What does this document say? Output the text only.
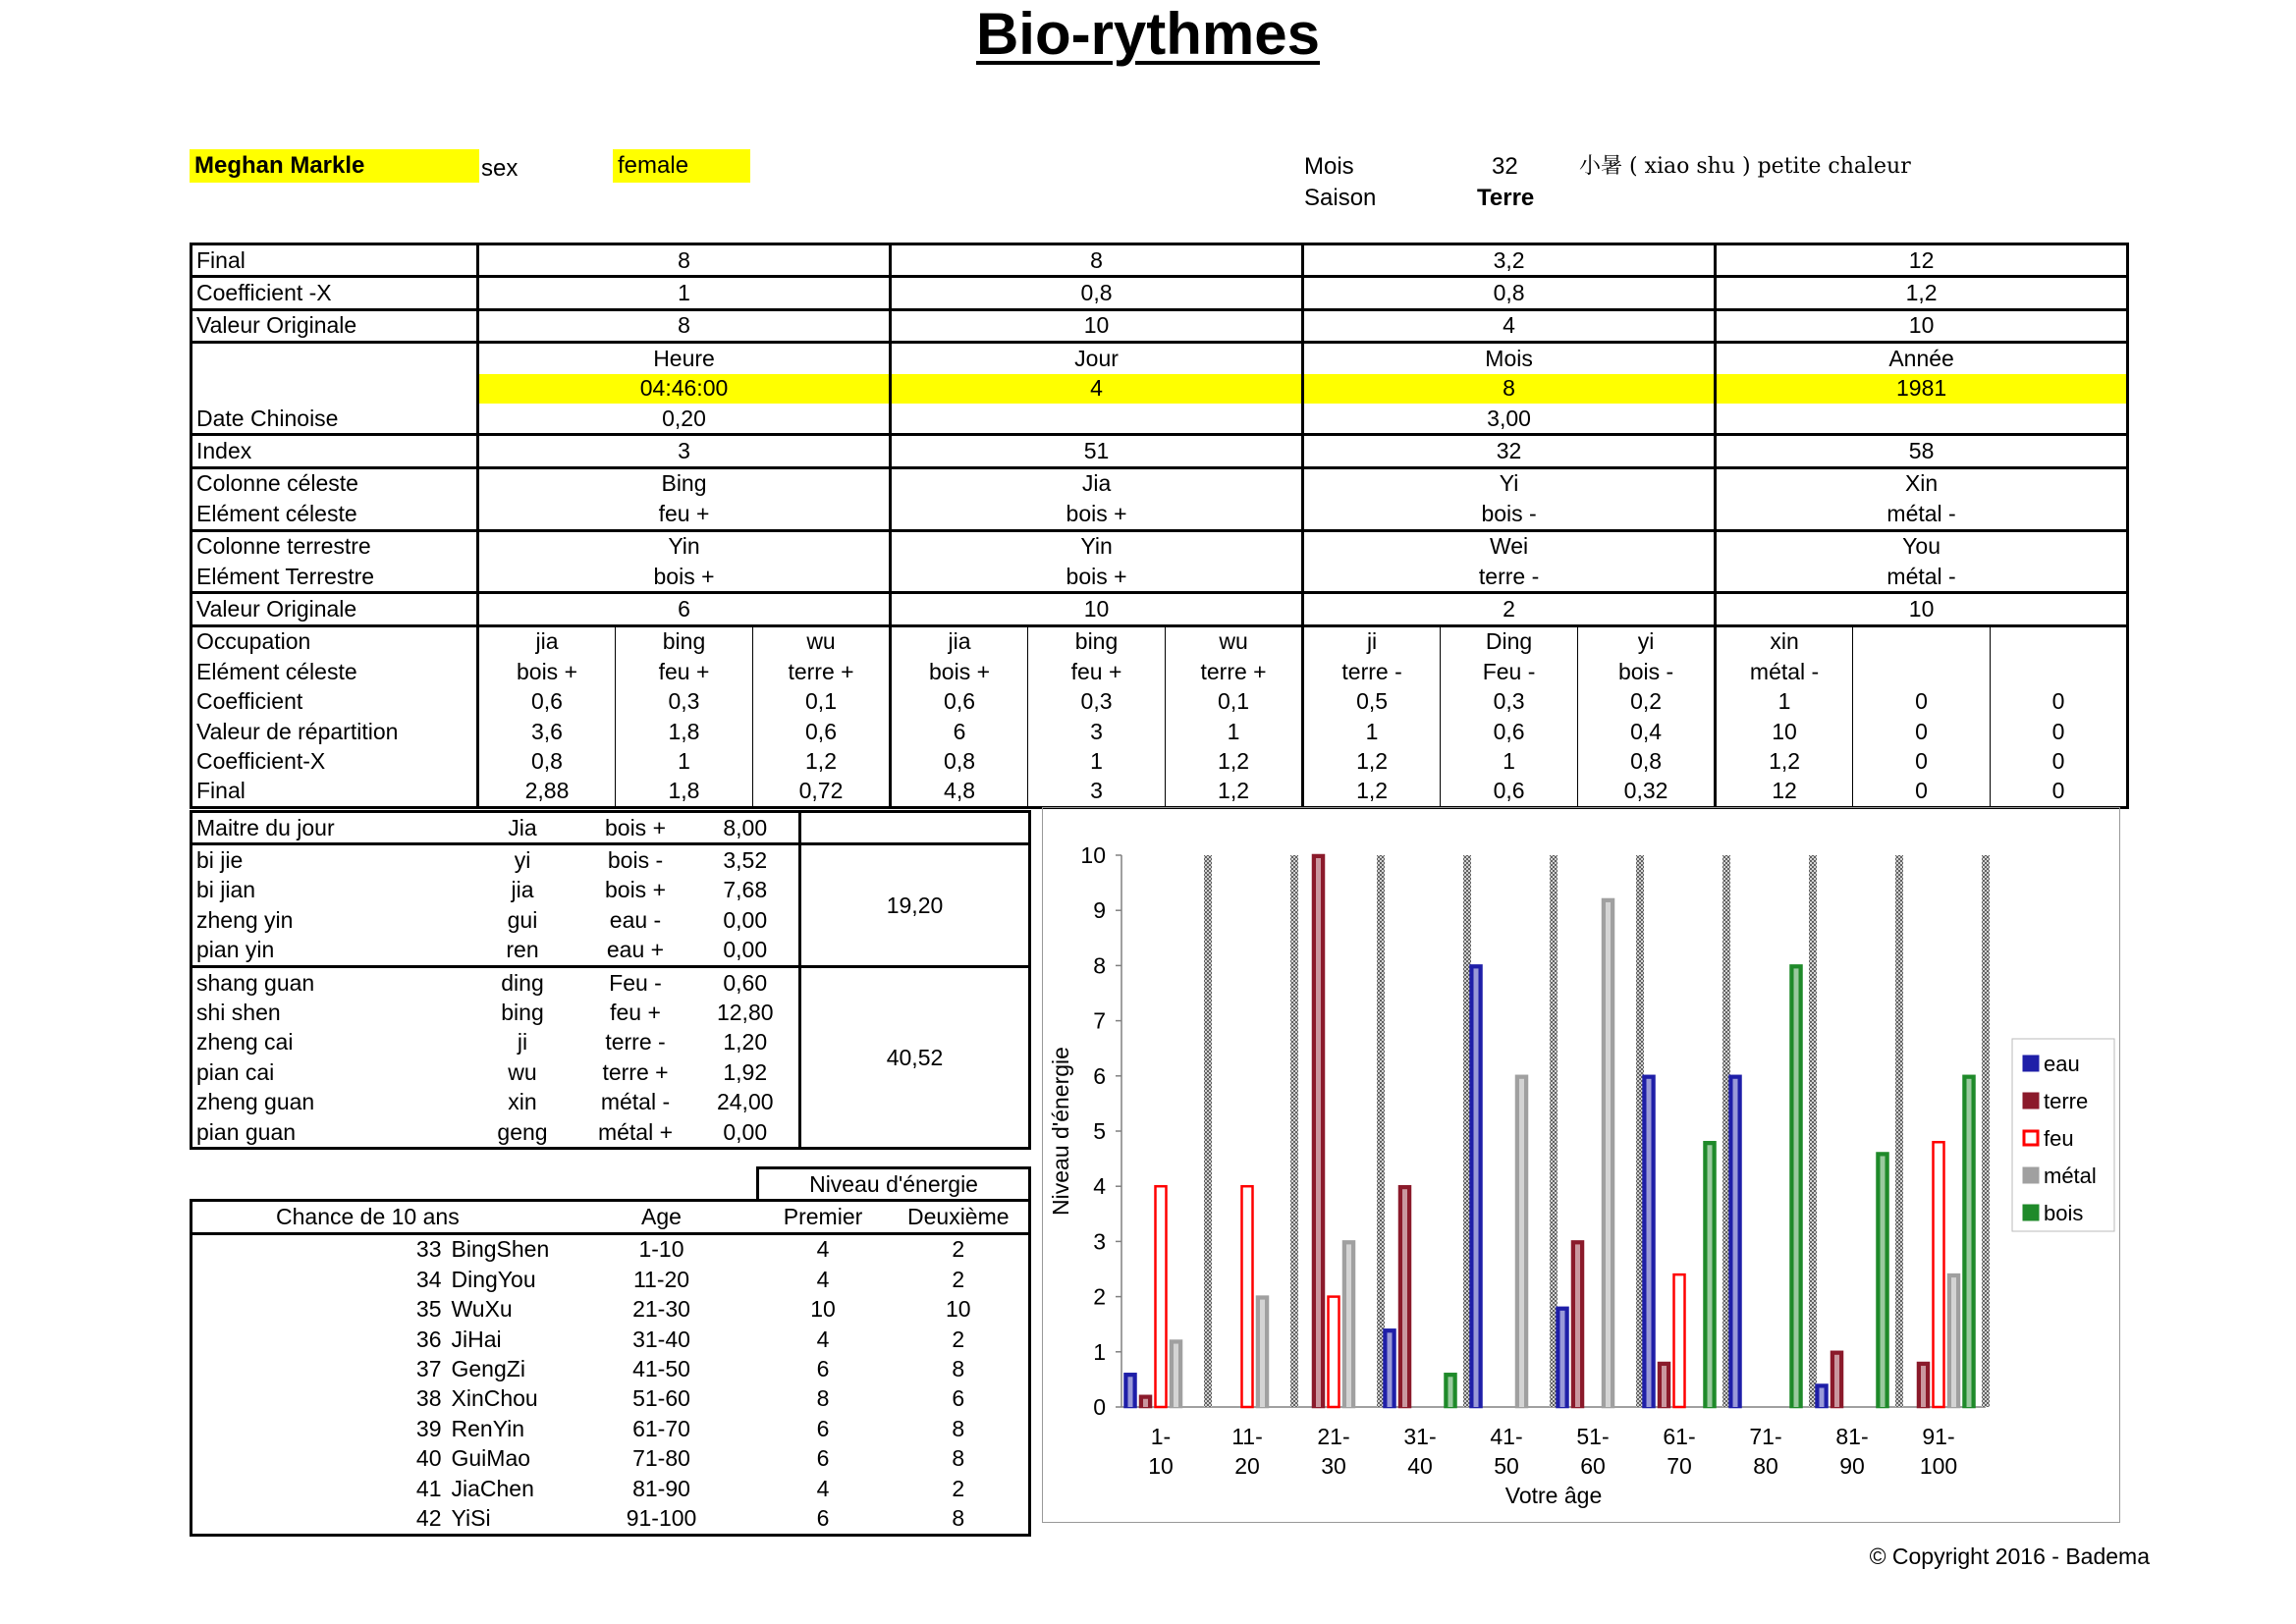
Bio-rythmes
Meghan Markle	sex	female	Mois	32	小暑 ( xiao shu ) petite chaleur
Saison	Terre
Final	8			8			3,2			12		
Coefficient -X	1			0,8			0,8			1,2		
Valeur Originale	8			10			4			10		
	Heure			Jour			Mois			Année		
	04:46:00			4			8			1981		
Date Chinoise	0,20						3,00					
Index	3			51			32			58		
Colonne céleste	Bing			Jia			Yi			Xin		
Elément céleste	feu +			bois +			bois -			métal -		
Colonne terrestre	Yin			Yin			Wei			You		
Elément Terrestre	bois +			bois +			terre -			métal -		
Valeur Originale	6			10			2			10		
Occupation	jia	bing	wu	jia	bing	wu	ji	Ding	yi	xin		
Elément céleste	bois +	feu +	terre +	bois +	feu +	terre +	terre -	Feu -	bois -	métal -		
Coefficient	0,6	0,3	0,1	0,6	0,3	0,1	0,5	0,3	0,2	1	0	0
Valeur de répartition	3,6	1,8	0,6	6	3	1	1	0,6	0,4	10	0	0
Coefficient-X	0,8	1	1,2	0,8	1	1,2	1,2	1	0,8	1,2	0	0
Final	2,88	1,8	0,72	4,8	3	1,2	1,2	0,6	0,32	12	0	0
Maitre du jour	Jia	bois +	8,00	
bi jie	yi	bois -	3,52	19,20
bi jian	jia	bois +	7,68	
zheng yin	gui	eau -	0,00	
pian yin	ren	eau +	0,00	
shang guan	ding	Feu -	0,60	40,52
shi shen	bing	feu +	12,80	
zheng cai	ji	terre -	1,20	
pian cai	wu	terre +	1,92	
zheng guan	xin	métal -	24,00	
pian guan	geng	métal +	0,00	
			Niveau d'énergie	
Chance de 10 ans		Age	Premier	Deuxième
33	BingShen	1-10	4	2
34	DingYou	11-20	4	2
35	WuXu	21-30	10	10
36	JiHai	31-40	4	2
37	GengZi	41-50	6	8
38	XinChou	51-60	8	6
39	RenYin	61-70	6	8
40	GuiMao	71-80	6	8
41	JiaChen	81-90	4	2
42	YiSi	91-100	6	8
0
1
2
3
4
5
6
7
8
9
10
1-
10
11-
20
21-
30
31-
40
41-
50
51-
60
61-
70
71-
80
81-
90
91-
100
Votre âge
Niveau d'énergie	eau
terre
feu
métal
bois
© Copyright 2016 - Badema
